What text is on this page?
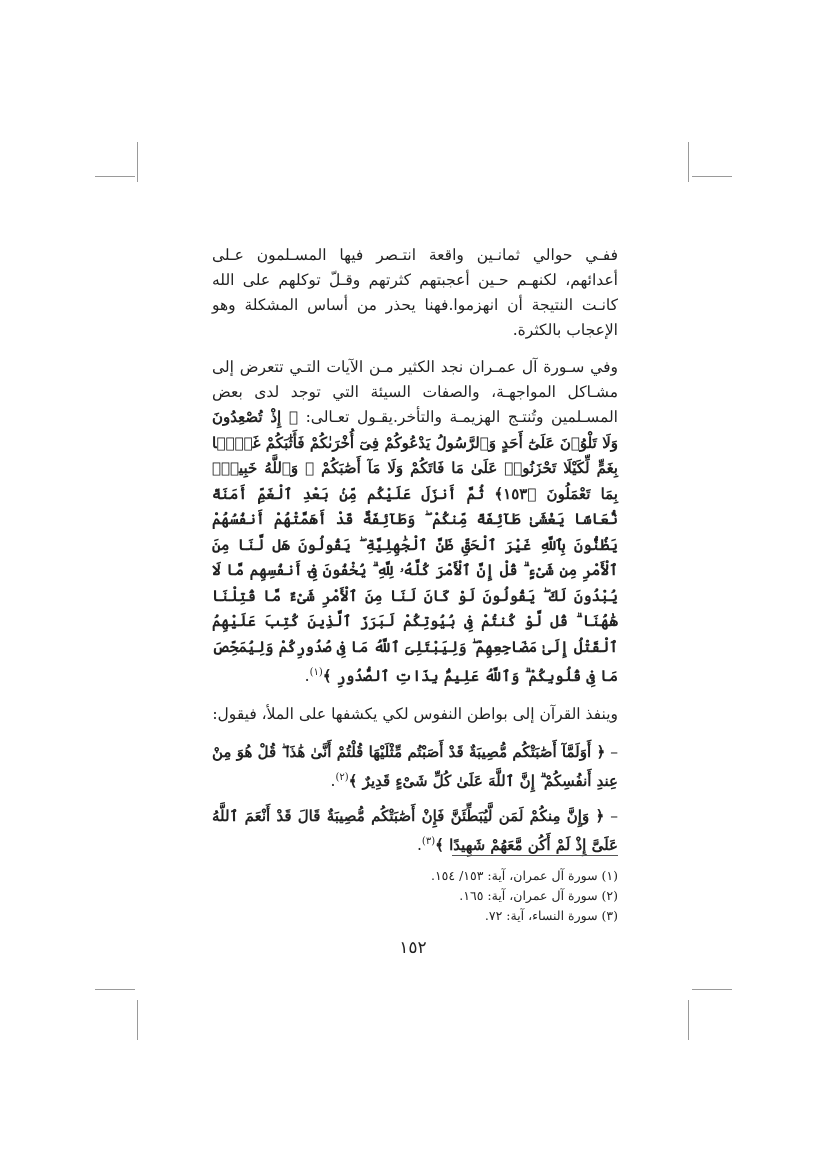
ففـي حوالي ثمانـين واقعة انتـصر فيها المسـلمون عـلى أعدائهم، لكنهـم حـين أعجبتهم كثرتهم وقـلّ توكلهم على الله كانـت النتيجة أن انهزموا.فهنا يحذر من أساس المشكلة وهو الإعجاب بالكثرة.

وفي سـورة آل عمـران نجد الكثير مـن الآيات التـي تتعرض إلى مشـاكل المواجهـة، والصفات السيئة التي توجد لدى بعض المسـلمين وتُنتـج الهزيمـة والتأخر.يقـول تعـالى: ﴿ إِذْ تُصْعِدُونَ وَلَا تَلْوُۥنَ عَلَىٰٓ أَحَدٍ وَٱلرَّسُولُ يَدْعُوكُمْ فِىٓ أُخْرَىٰكُمْ فَأَثَٰبَكُمْ غَمًّۢا بِغَمٍّ لِّكَيْلَا تَحْزَنُوا۟ عَلَىٰ مَا فَاتَكُمْ وَلَا مَآ أَصَٰبَكُمْ ۗ وَٱللَّهُ خَبِيرٌۢ بِمَا تَعْمَلُونَ ﴿١٥٣﴾ ثُمَّ أَنزَلَ عَلَيْكُم مِّنۢ بَعْدِ ٱلْغَمِّ أَمَنَةً نُّعَاسًا يَغْشَىٰ طَآئِفَةً مِّنكُمْ ۖ وَطَآئِفَةٌ قَدْ أَهَمَّتْهُمْ أَنفُسُهُمْ يَظُنُّونَ بِٱللَّهِ غَيْرَ ٱلْحَقِّ ظَنَّ ٱلْجَٰهِلِيَّةِ ۖ يَقُولُونَ هَل لَّنَا مِنَ ٱلْأَمْرِ مِن شَىْءٍ ۗ قُلْ إِنَّ ٱلْأَمْرَ كُلَّهُۥ لِلَّهِ ۗ يُخْفُونَ فِىٓ أَنفُسِهِم مَّا لَا يُبْدُونَ لَكَ ۖ يَقُولُونَ لَوْ كَانَ لَنَا مِنَ ٱلْأَمْرِ شَىْءٌ مَّا قُتِلْنَا هَٰهُنَا ۗ قُل لَّوْ كُنتُمْ فِى بُيُوتِكُمْ لَبَرَزَ ٱلَّذِينَ كُتِبَ عَلَيْهِمُ ٱلْقَتْلُ إِلَىٰ مَضَاجِعِهِمْ ۖ وَلِيَبْتَلِىَ ٱللَّهُ مَا فِى صُدُورِكُمْ وَلِيُمَحِّصَ مَا فِى قُلُوبِكُمْ ۗ وَٱللَّهُ عَلِيمٌۢ بِذَاتِ ٱلصُّدُورِ ﴾$^{(١)}$.

وينفذ القرآن إلى بواطن النفوس لكي يكشفها على الملأ، فيقول:

– ﴿ أَوَلَمَّآ أَصَٰبَتْكُم مُّصِيبَةٌ قَدْ أَصَبْتُم مِّثْلَيْهَا قُلْتُمْ أَنَّىٰ هَٰذَا ۖ قُلْ هُوَ مِنْ عِندِ أَنفُسِكُمْ ۗ إِنَّ ٱللَّهَ عَلَىٰ كُلِّ شَىْءٍ قَدِيرٌ ﴾$^{(٢)}$.

– ﴿ وَإِنَّ مِنكُمْ لَمَن لَّيُبَطِّئَنَّ فَإِنْ أَصَٰبَتْكُم مُّصِيبَةٌ قَالَ قَدْ أَنْعَمَ ٱللَّهُ عَلَىَّ إِذْ لَمْ أَكُن مَّعَهُمْ شَهِيدًا ﴾$^{(٣)}$.

(١) سورة آل عمران، آية: ١٥٣/ ١٥٤.
(٢) سورة آل عمران، آية: ١٦٥.
(٣) سورة النساء، آية: ٧٢.
١٥٢
